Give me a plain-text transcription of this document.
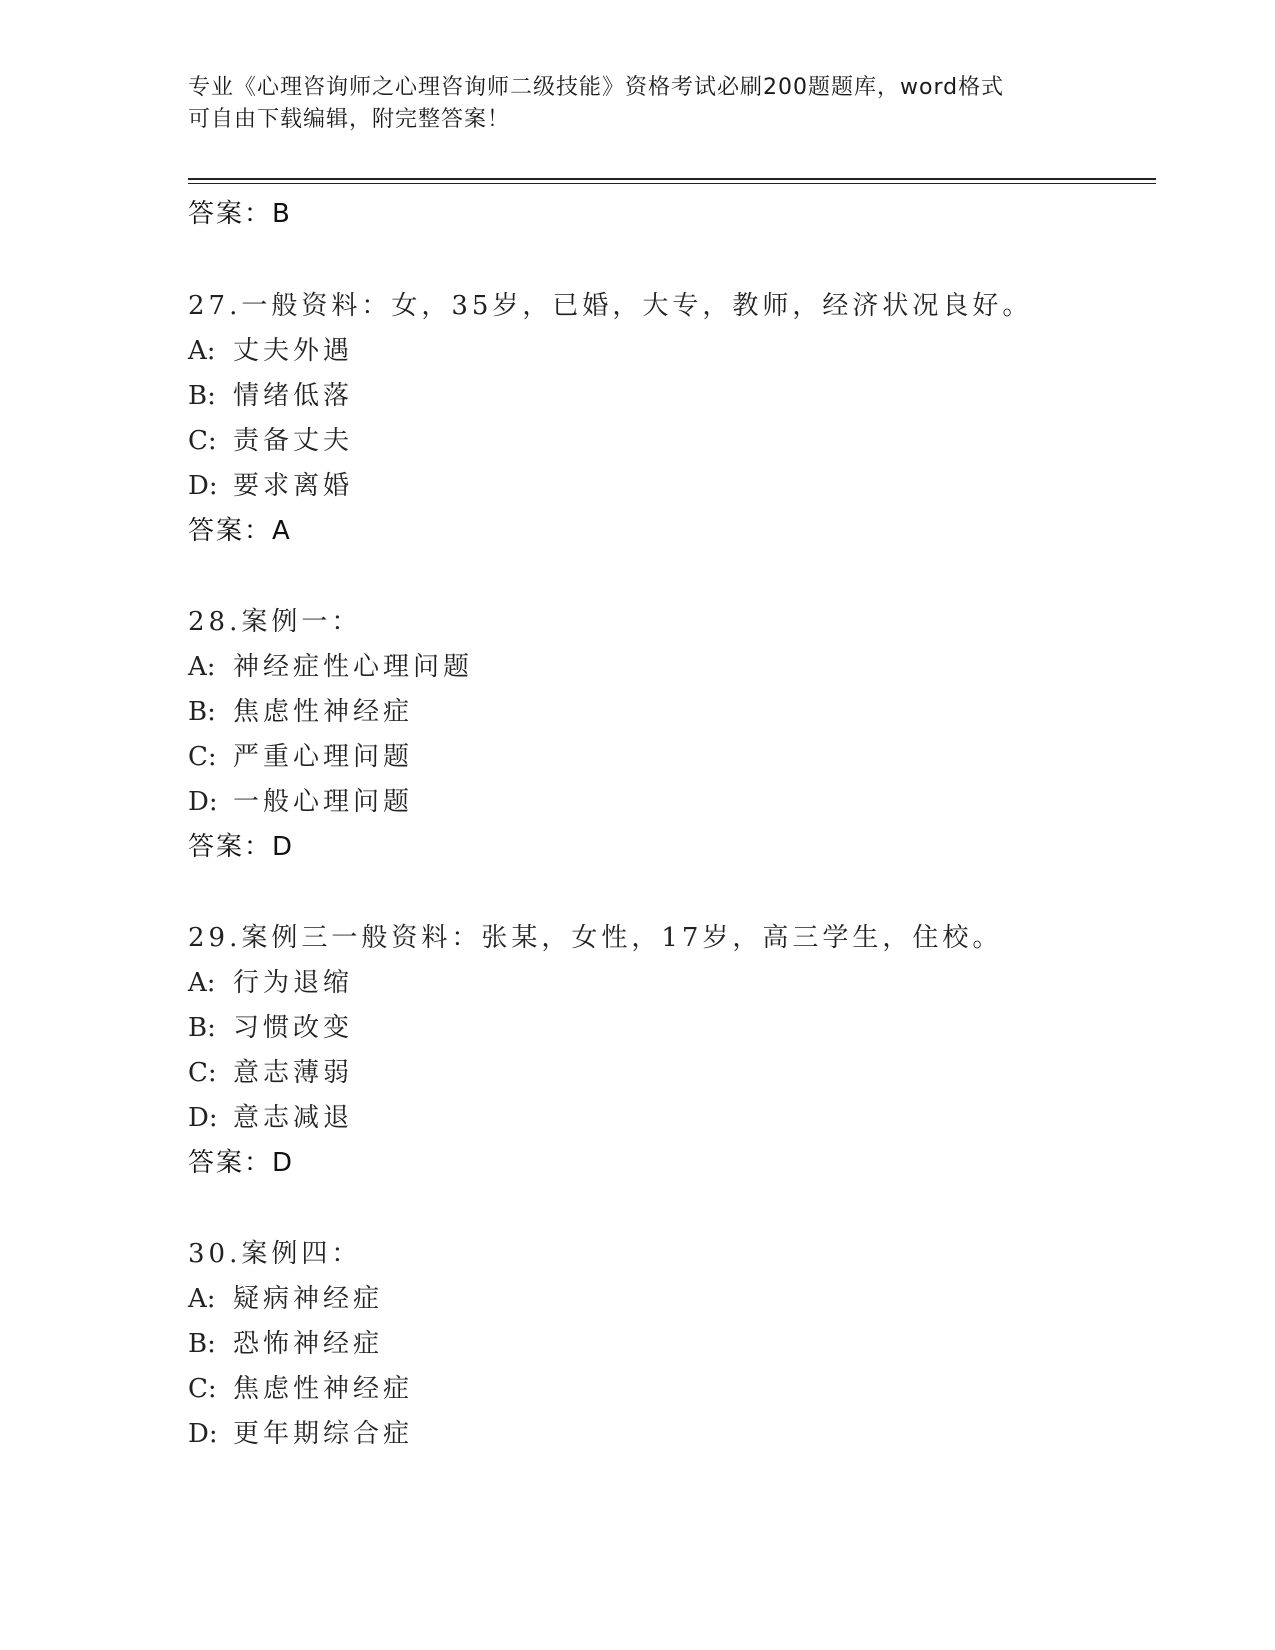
专业《心理咨询师之心理咨询师二级技能》资格考试必刷200题题库，word格式
可自由下载编辑，附完整答案！
答案：B
27.一般资料：女，35岁，已婚，大专，教师，经济状况良好。
A: 丈夫外遇
B: 情绪低落
C: 责备丈夫
D: 要求离婚
答案：A
28.案例一：
A: 神经症性心理问题
B: 焦虑性神经症
C: 严重心理问题
D: 一般心理问题
答案：D
29.案例三一般资料：张某，女性，17岁，高三学生，住校。
A: 行为退缩
B: 习惯改变
C: 意志薄弱
D: 意志减退
答案：D
30.案例四：
A: 疑病神经症
B: 恐怖神经症
C: 焦虑性神经症
D: 更年期综合症
